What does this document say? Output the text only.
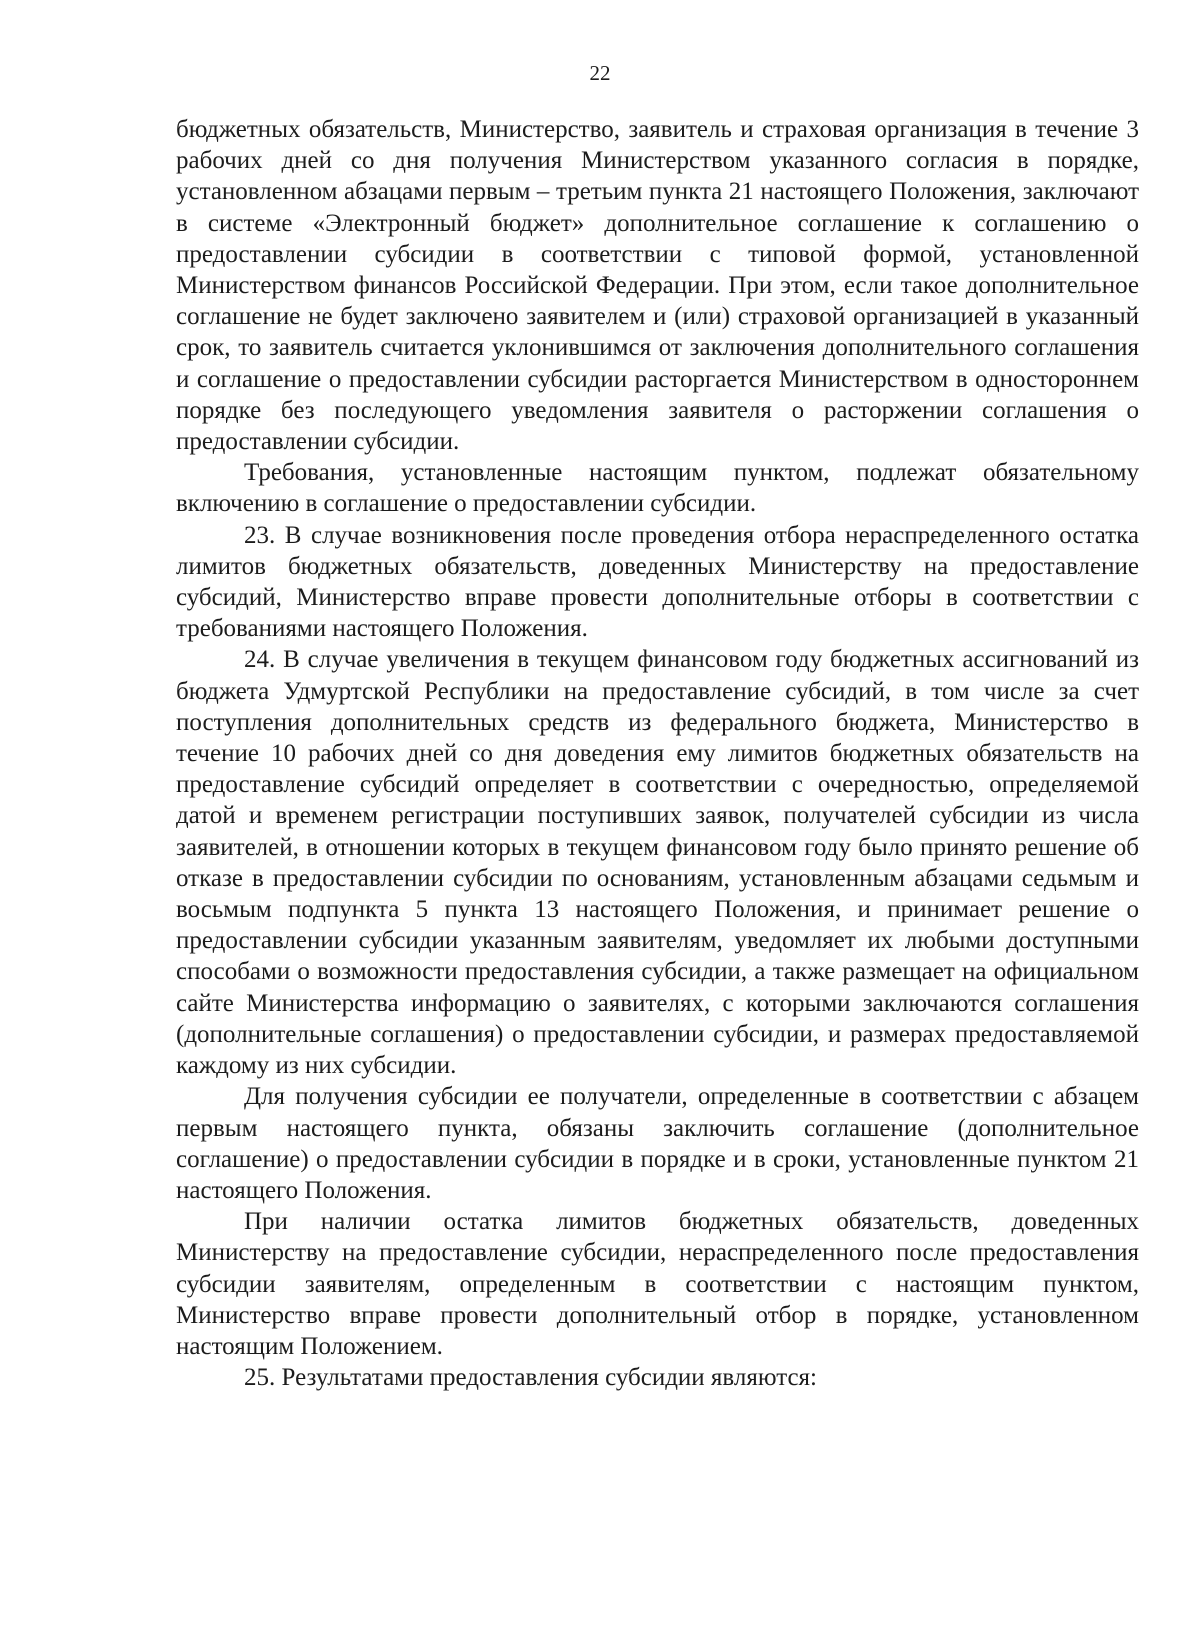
22

бюджетных обязательств, Министерство, заявитель и страховая организация в течение 3 рабочих дней со дня получения Министерством указанного согласия в порядке, установленном абзацами первым – третьим пункта 21 настоящего Положения, заключают в системе «Электронный бюджет» дополнительное соглашение к соглашению о предоставлении субсидии в соответствии с типовой формой, установленной Министерством финансов Российской Федерации. При этом, если такое дополнительное соглашение не будет заключено заявителем и (или) страховой организацией в указанный срок, то заявитель считается уклонившимся от заключения дополнительного соглашения и соглашение о предоставлении субсидии расторгается Министерством в одностороннем порядке без последующего уведомления заявителя о расторжении соглашения о предоставлении субсидии.

Требования, установленные настоящим пунктом, подлежат обязательному включению в соглашение о предоставлении субсидии.

23. В случае возникновения после проведения отбора нераспределенного остатка лимитов бюджетных обязательств, доведенных Министерству на предоставление субсидий, Министерство вправе провести дополнительные отборы в соответствии с требованиями настоящего Положения.

24. В случае увеличения в текущем финансовом году бюджетных ассигнований из бюджета Удмуртской Республики на предоставление субсидий, в том числе за счет поступления дополнительных средств из федерального бюджета, Министерство в течение 10 рабочих дней со дня доведения ему лимитов бюджетных обязательств на предоставление субсидий определяет в соответствии с очередностью, определяемой датой и временем регистрации поступивших заявок, получателей субсидии из числа заявителей, в отношении которых в текущем финансовом году было принято решение об отказе в предоставлении субсидии по основаниям, установленным абзацами седьмым и восьмым подпункта 5 пункта 13 настоящего Положения, и принимает решение о предоставлении субсидии указанным заявителям, уведомляет их любыми доступными способами о возможности предоставления субсидии, а также размещает на официальном сайте Министерства информацию о заявителях, с которыми заключаются соглашения (дополнительные соглашения) о предоставлении субсидии, и размерах предоставляемой каждому из них субсидии.

Для получения субсидии ее получатели, определенные в соответствии с абзацем первым настоящего пункта, обязаны заключить соглашение (дополнительное соглашение) о предоставлении субсидии в порядке и в сроки, установленные пунктом 21 настоящего Положения.

При наличии остатка лимитов бюджетных обязательств, доведенных Министерству на предоставление субсидии, нераспределенного после предоставления субсидии заявителям, определенным в соответствии с настоящим пунктом, Министерство вправе провести дополнительный отбор в порядке, установленном настоящим Положением.

25. Результатами предоставления субсидии являются:
